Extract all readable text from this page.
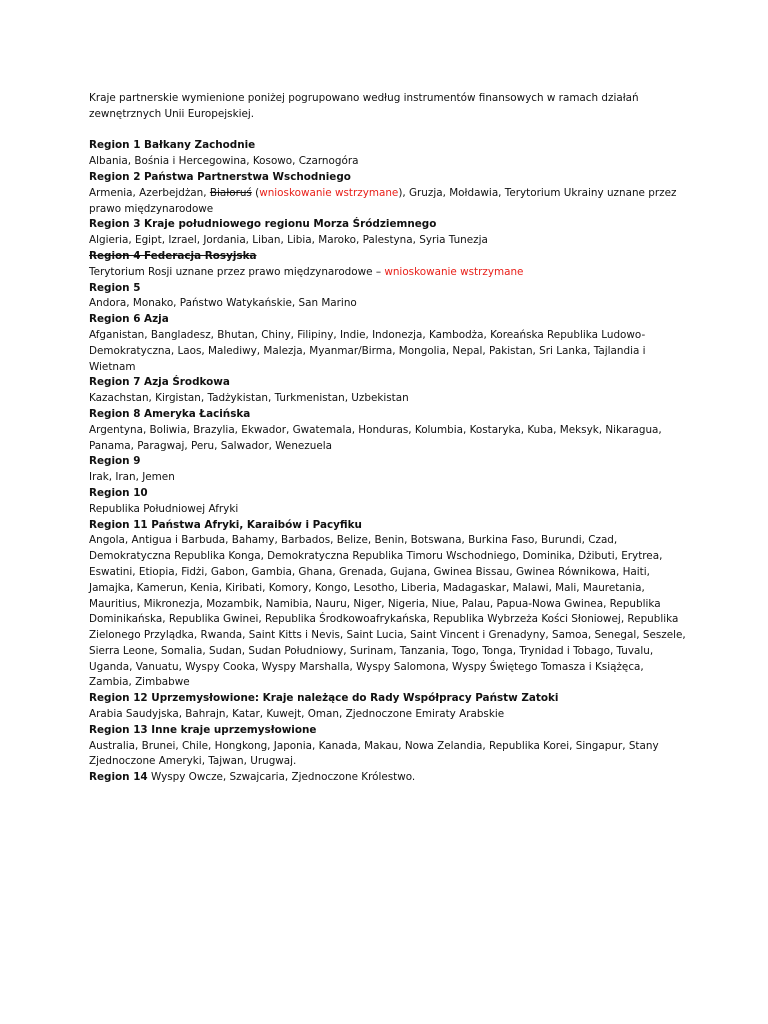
Kraje partnerskie wymienione poniżej pogrupowano według instrumentów finansowych w ramach działań zewnętrznych Unii Europejskiej.

Region 1 Bałkany Zachodnie

Albania, Bośnia i Hercegowina, Kosowo, Czarnogóra

Region 2 Państwa Partnerstwa Wschodniego

Armenia, Azerbejdżan, Białoruś (wnioskowanie wstrzymane), Gruzja, Mołdawia, Terytorium Ukrainy uznane przez prawo międzynarodowe

Region 3 Kraje południowego regionu Morza Śródziemnego

Algieria, Egipt, Izrael, Jordania, Liban, Libia, Maroko, Palestyna, Syria Tunezja

Region 4 Federacja Rosyjska

Terytorium Rosji uznane przez prawo międzynarodowe – wnioskowanie wstrzymane

Region 5

Andora, Monako, Państwo Watykańskie, San Marino

Region 6 Azja

Afganistan, Bangladesz, Bhutan, Chiny, Filipiny, Indie, Indonezja, Kambodża, Koreańska Republika Ludowo-Demokratyczna, Laos, Malediwy, Malezja, Myanmar/Birma, Mongolia, Nepal, Pakistan, Sri Lanka, Tajlandia i Wietnam

Region 7 Azja Środkowa

Kazachstan, Kirgistan, Tadżykistan, Turkmenistan, Uzbekistan

Region 8 Ameryka Łacińska

Argentyna, Boliwia, Brazylia, Ekwador, Gwatemala, Honduras, Kolumbia, Kostaryka, Kuba, Meksyk, Nikaragua, Panama, Paragwaj, Peru, Salwador, Wenezuela

Region 9

Irak, Iran, Jemen

Region 10

Republika Południowej Afryki

Region 11 Państwa Afryki, Karaibów i Pacyfiku

Angola, Antigua i Barbuda, Bahamy, Barbados, Belize, Benin, Botswana, Burkina Faso, Burundi, Czad, Demokratyczna Republika Konga, Demokratyczna Republika Timoru Wschodniego, Dominika, Dżibuti, Erytrea, Eswatini, Etiopia, Fidżi, Gabon, Gambia, Ghana, Grenada, Gujana, Gwinea Bissau, Gwinea Równikowa, Haiti, Jamajka, Kamerun, Kenia, Kiribati, Komory, Kongo, Lesotho, Liberia, Madagaskar, Malawi, Mali, Mauretania, Mauritius, Mikronezja, Mozambik, Namibia, Nauru, Niger, Nigeria, Niue, Palau, Papua-Nowa Gwinea, Republika Dominikańska, Republika Gwinei, Republika Środkowoafrykańska, Republika Wybrzeża Kości Słoniowej, Republika Zielonego Przylądka, Rwanda, Saint Kitts i Nevis, Saint Lucia, Saint Vincent i Grenadyny, Samoa, Senegal, Seszele, Sierra Leone, Somalia, Sudan, Sudan Południowy, Surinam, Tanzania, Togo, Tonga, Trynidad i Tobago, Tuvalu, Uganda, Vanuatu, Wyspy Cooka, Wyspy Marshalla, Wyspy Salomona, Wyspy Świętego Tomasza i Książęca, Zambia, Zimbabwe

Region 12 Uprzemysłowione: Kraje należące do Rady Współpracy Państw Zatoki

Arabia Saudyjska, Bahrajn, Katar, Kuwejt, Oman, Zjednoczone Emiraty Arabskie

Region 13 Inne kraje uprzemysłowione

Australia, Brunei, Chile, Hongkong, Japonia, Kanada, Makau, Nowa Zelandia, Republika Korei, Singapur, Stany Zjednoczone Ameryki, Tajwan, Urugwaj.

Region 14 Wyspy Owcze, Szwajcaria, Zjednoczone Królestwo.
